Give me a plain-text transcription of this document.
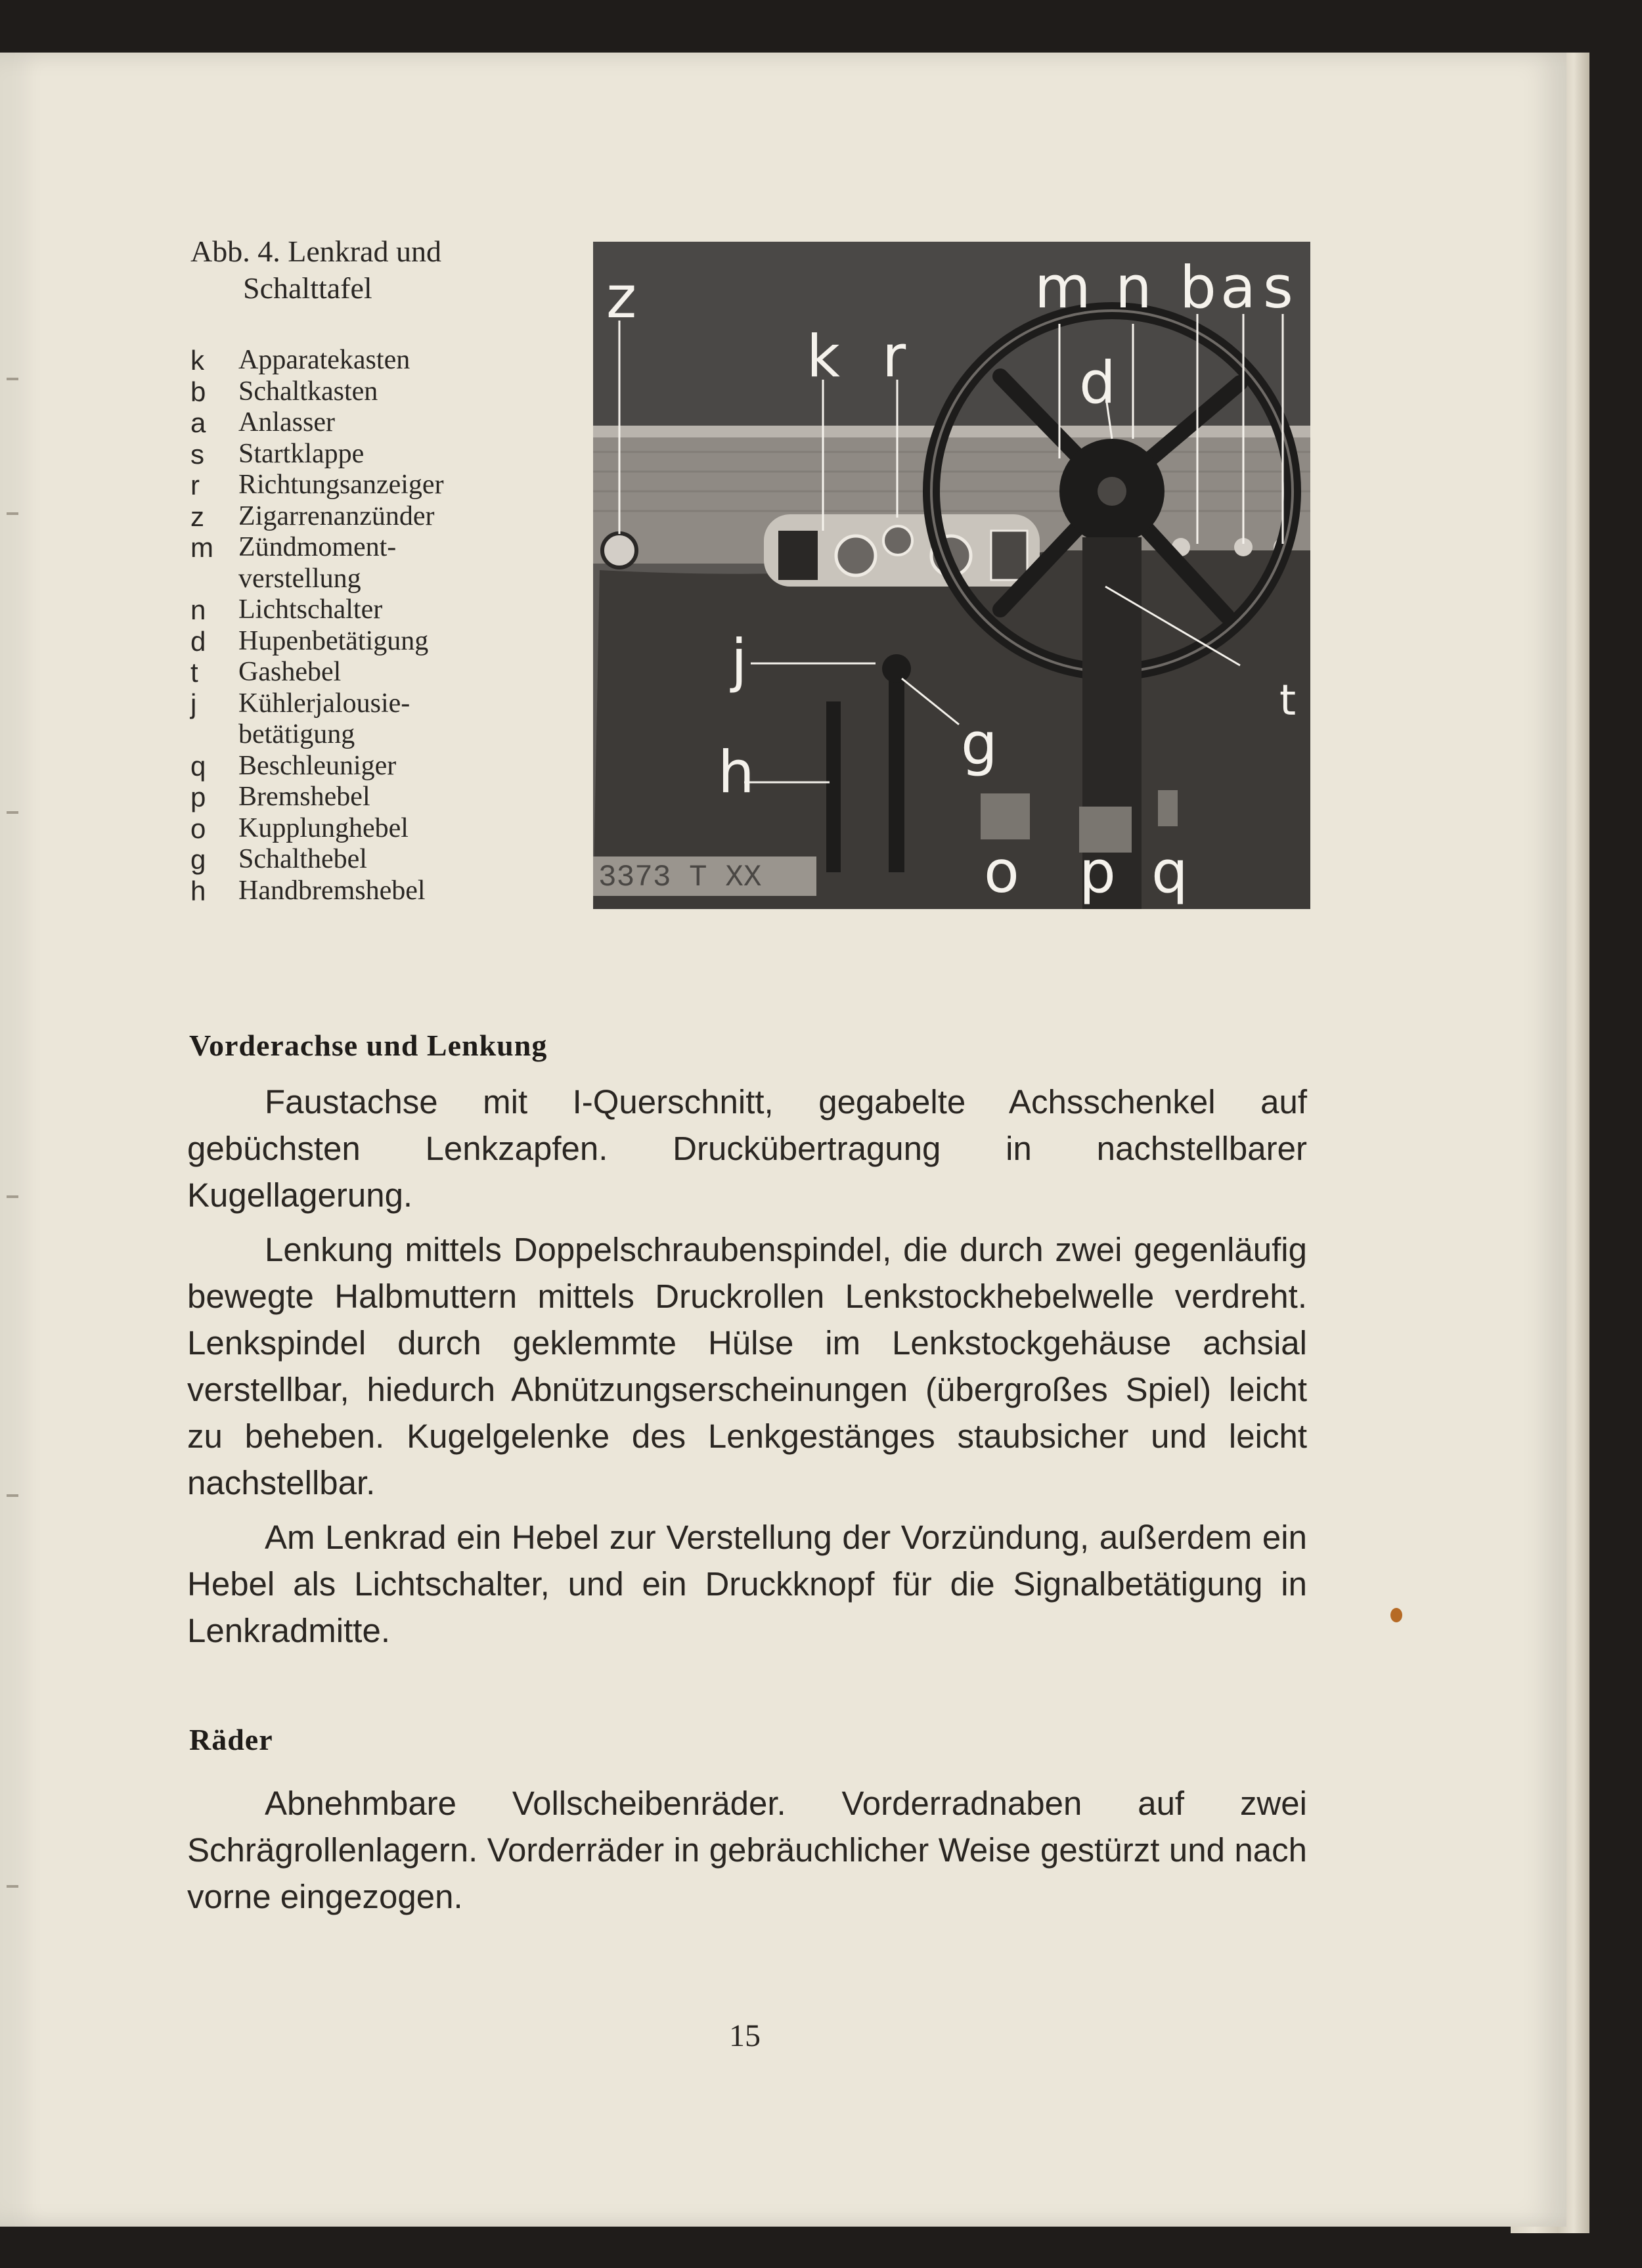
Abb. 4. Lenkrad und
Schalttafel
k	Apparatekasten
b	Schaltkasten
a	Anlasser
s	Startklappe
r	Richtungsanzeiger
z	Zigarrenanzünder
m Zündmoment-
verstellung
n	Lichtschalter
d	Hupenbetätigung
t	Gashebel
j	Kühlerjalousie-
betätigung
q	Beschleuniger
p	Bremshebel
o	Kupplunghebel
g	Schalthebel
h	Handbremshebel	3373 T XX
z
k r
m n b a s
d
j
h	g
o p q
t
Vorderachse und Lenkung
Faustachse mit I-Querschnitt, gegabelte Achsschenkel auf gebüchsten Lenkzapfen. Druckübertragung in nachstellbarer Kugellagerung.
Lenkung mittels Doppelschraubenspindel, die durch zwei gegenläufig bewegte Halbmuttern mittels Druckrollen Lenkstockhebelwelle verdreht. Lenkspindel durch geklemmte Hülse im Lenkstockgehäuse achsial verstellbar, hiedurch Abnützungserscheinungen (übergroßes Spiel) leicht zu beheben. Kugelgelenke des Lenkgestänges staubsicher und leicht nachstellbar.
Am Lenkrad ein Hebel zur Verstellung der Vorzündung, außerdem ein Hebel als Lichtschalter, und ein Druckknopf für die Signalbetätigung in Lenkradmitte.
Räder
Abnehmbare Vollscheibenräder. Vorderradnaben auf zwei Schrägrollenlagern. Vorderräder in gebräuchlicher Weise gestürzt und nach vorne eingezogen.
15
